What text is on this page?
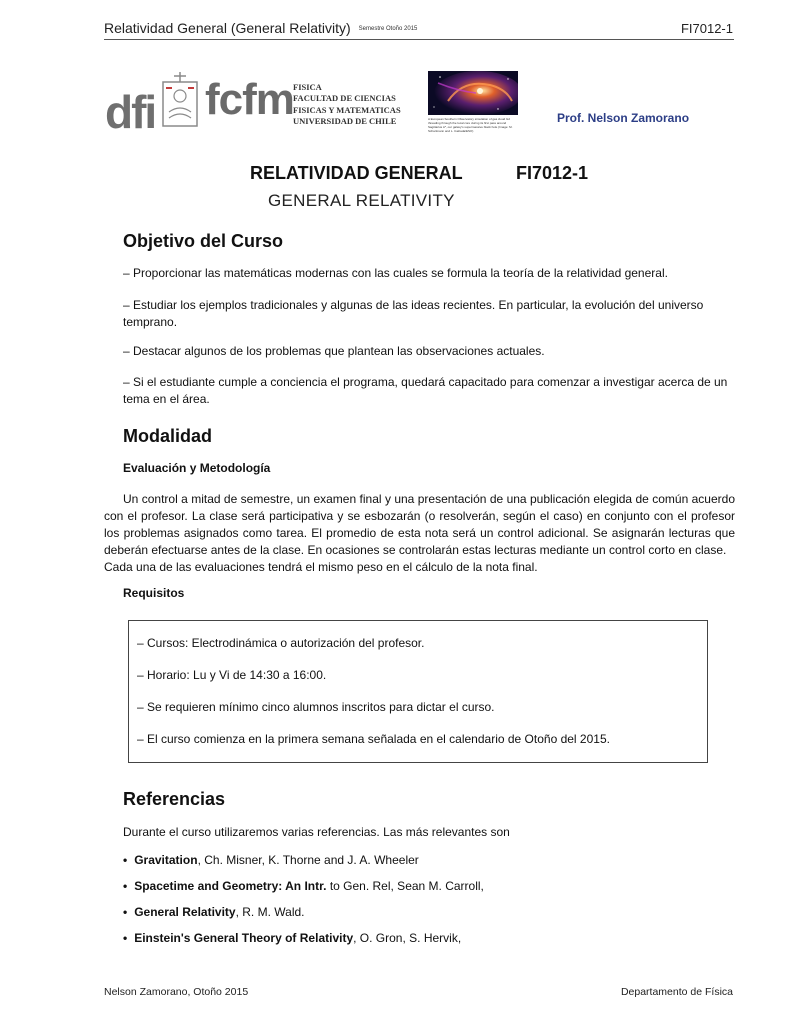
Relatividad General (General Relativity) Semestre Otoño 2015	FI7012-1
dfi fcfm FISICA
FACULTAD DE CIENCIAS
FISICAS Y MATEMATICAS
UNIVERSIDAD DE CHILE	A European Southern Observatory simulation of gas cloud G2 threading through the local core during its first pass around Sagittarius A*, our galaxy's supermassive black hole (Image: M. Schartmann and L. Calcada/ESO)
Prof. Nelson Zamorano
RELATIVIDAD GENERAL	FI7012-1
GENERAL RELATIVITY
Objetivo del Curso
– Proporcionar las matemáticas modernas con las cuales se formula la teoría de la relatividad general.
– Estudiar los ejemplos tradicionales y algunas de las ideas recientes. En particular, la evolución del universo temprano.
– Destacar algunos de los problemas que plantean las observaciones actuales.
– Si el estudiante cumple a conciencia el programa, quedará capacitado para comenzar a investigar acerca de un tema en el área.
Modalidad
Evaluación y Metodología
Un control a mitad de semestre, un examen final y una presentación de una publicación elegida de común acuerdo con el profesor. La clase será participativa y se esbozarán (o resolverán, según el caso) en conjunto con el profesor los problemas asignados como tarea. El promedio de esta nota será un control adicional. Se asignarán lecturas que deberán efectuarse antes de la clase. En ocasiones se controlarán estas lecturas mediante un control corto en clase.
Cada una de las evaluaciones tendrá el mismo peso en el cálculo de la nota final.
Requisitos
– Cursos: Electrodinámica o autorización del profesor.
– Horario: Lu y Vi de 14:30 a 16:00.
– Se requieren mínimo cinco alumnos inscritos para dictar el curso.
– El curso comienza en la primera semana señalada en el calendario de Otoño del 2015.
Referencias
Durante el curso utilizaremos varias referencias. Las más relevantes son
• Gravitation, Ch. Misner, K. Thorne and J. A. Wheeler
• Spacetime and Geometry: An Intr. to Gen. Rel, Sean M. Carroll,
• General Relativity, R. M. Wald.
• Einstein's General Theory of Relativity, O. Gron, S. Hervik,
Nelson Zamorano, Otoño 2015	Departamento de Física
